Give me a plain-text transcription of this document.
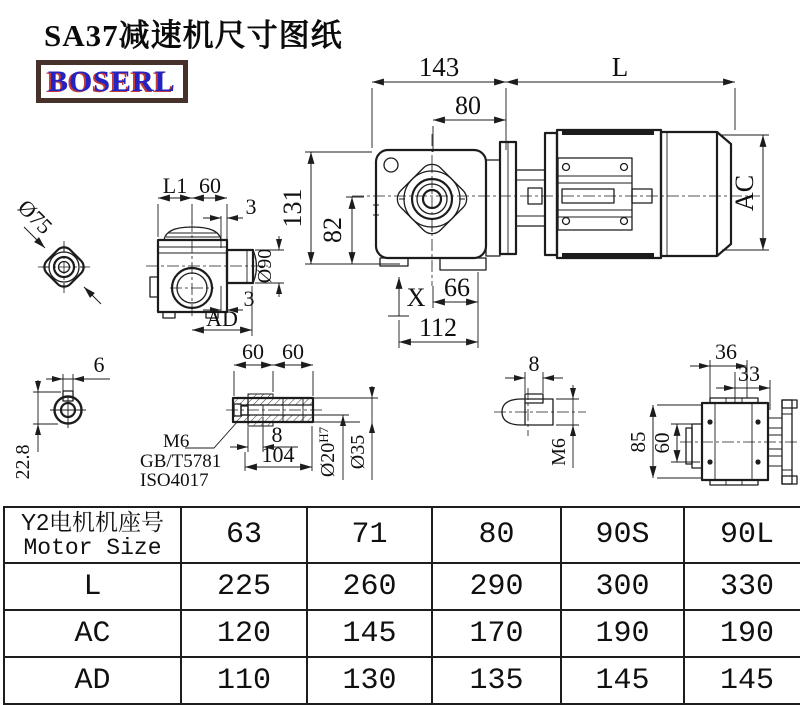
SA37减速机尺寸图纸
BOSERL	143	L
80
131
82
AC
X 66
112
L1 60
3
Ø90
3
AD
Ø75
6
22.8
60 60
8
104
M6
GB/T5781
ISO4017
$Ø20^{H7}$ Ø35
8
M6
36
33
85 60
Y2电机机座号
Motor Size	63	71	80	90S	90L
L	225	260	290	300	330
AC	120	145	170	190	190
AD	110	130	135	145	145
